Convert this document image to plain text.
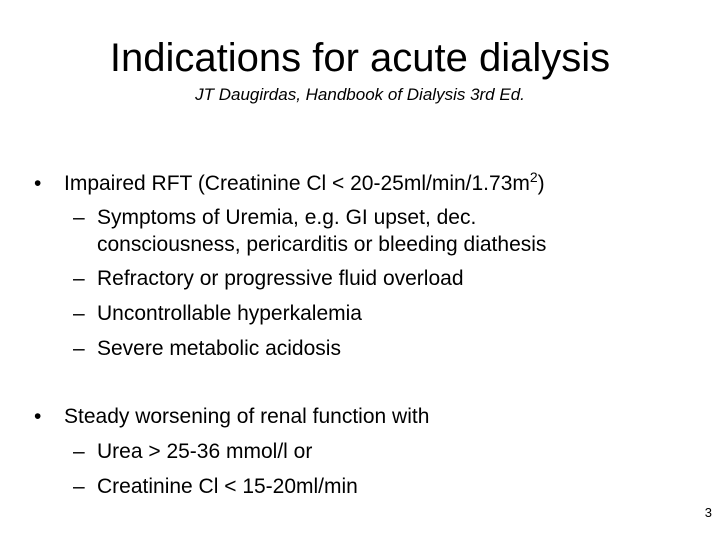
Indications for acute dialysis
JT Daugirdas, Handbook of Dialysis 3rd Ed.
• Impaired RFT (Creatinine $Cl < 20-25ml/\min/1.73m^2$)
– Symptoms of Uremia, e.g. GI upset, dec.
consciousness, pericarditis or bleeding diathesis
– Refractory or progressive fluid overload
– Uncontrollable hyperkalemia
– Severe metabolic acidosis
• Steady worsening of renal function with
– Urea > 25-36 mmol/l or
– Creatinine Cl < 15-20ml/min
3
